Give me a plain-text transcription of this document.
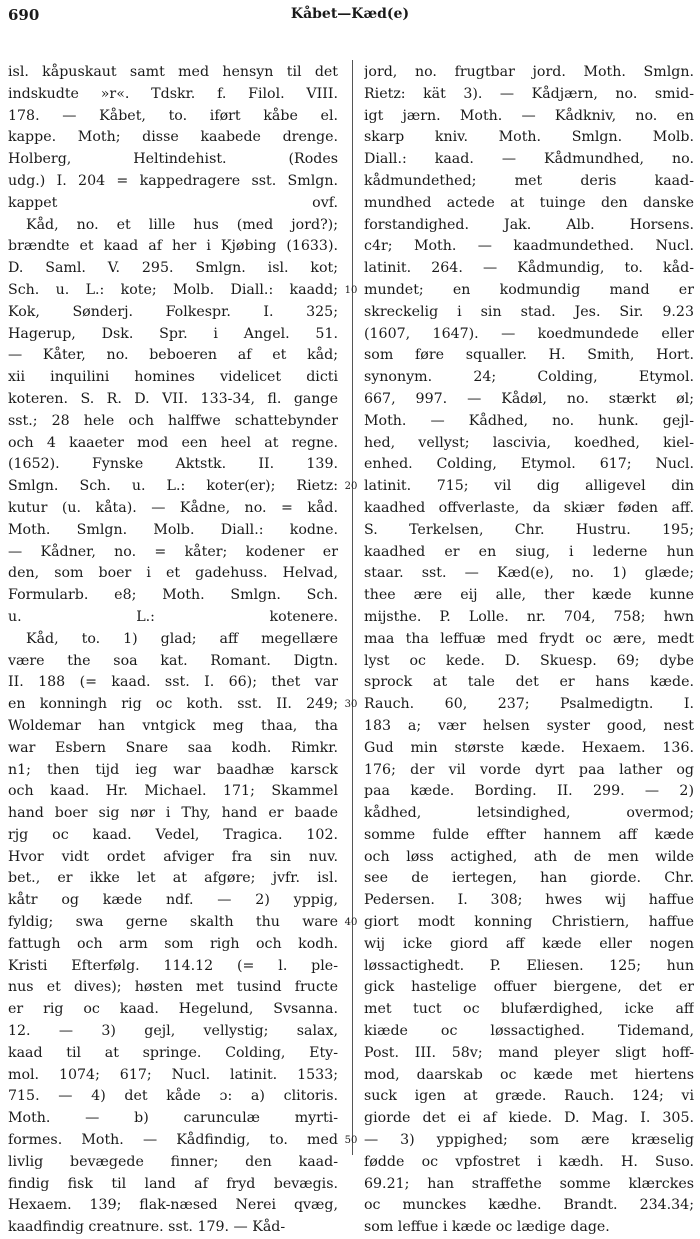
690	Kåbet—Kæd(e)
isl. kåpuskaut samt med hensyn til det
indskudte »r«. Tdskr. f. Filol. VIII.
178. — Kåbet, to. iført kåbe el.
kappe. Moth; disse kaabede drenge.
Holberg, Heltindehist. (Rodes
udg.) I. 204 = kappedragere sst. Smlgn.
kappet ovf.
Kåd, no. et lille hus (med jord?);
brændte et kaad af her i Kjøbing (1633).
D. Saml. V. 295. Smlgn. isl. kot;
Sch. u. L.: kote; Molb. Diall.: kaadd;
Kok, Sønderj. Folkespr. I. 325;
Hagerup, Dsk. Spr. i Angel. 51.
— Kåter, no. beboeren af et kåd;
xii inquilini homines videlicet dicti
koteren. S. R. D. VII. 133-34, fl. gange
sst.; 28 hele och halffwe schattebynder
och 4 kaaeter mod een heel at regne.
(1652). Fynske Aktstk. II. 139.
Smlgn. Sch. u. L.: koter(er); Rietz:
kutur (u. kåta). — Kådne, no. = kåd.
Moth. Smlgn. Molb. Diall.: kodne.
— Kådner, no. = kåter; kodener er
den, som boer i et gadehuss. Helvad,
Formularb. e8; Moth. Smlgn. Sch.
u. L.: kotenere.
Kåd, to. 1) glad; aff megellære
være the soa kat. Romant. Digtn.
II. 188 (= kaad. sst. I. 66); thet var
en konningh rig oc koth. sst. II. 249;
Woldemar han vntgick meg thaa, tha
war Esbern Snare saa kodh. Rimkr.
n1; then tijd ieg war baadhæ karsck
och kaad. Hr. Michael. 171; Skammel
hand boer sig nør i Thy, hand er baade
rjg oc kaad. Vedel, Tragica. 102.
Hvor vidt ordet afviger fra sin nuv.
bet., er ikke let at afgøre; jvfr. isl.
kåtr og kæde ndf. — 2) yppig,
fyldig; swa gerne skalth thu ware
fattugh och arm som righ och kodh.
Kristi Efterfølg. 114.12 (= l. ple-
nus et dives); høsten met tusind fructe
er rig oc kaad. Hegelund, Svsanna.
12. — 3) gejl, vellystig; salax,
kaad til at springe. Colding, Ety-
mol. 1074; 617; Nucl. latinit. 1533;
715. — 4) det kåde ɔ: a) clitoris.
Moth. — b) carunculæ myrti-
formes. Moth. — Kådfindig, to. med
livlig bevægede finner; den kaad-
findig fisk til land af fryd bevægis.
Hexaem. 139; flak-næsed Nerei qvæg,
kaadfindig creatnure. sst. 179. — Kåd-
jord, no. frugtbar jord. Moth. Smlgn.
Rietz: kät 3). — Kådjærn, no. smid-
igt jærn. Moth. — Kådkniv, no. en
skarp kniv. Moth. Smlgn. Molb.
Diall.: kaad. — Kådmundhed, no.
kådmundethed; met deris kaad-
mundhed actede at tuinge den danske
forstandighed. Jak. Alb. Horsens.
c4r; Moth. — kaadmundethed. Nucl.
latinit. 264. — Kådmundig, to. kåd-
mundet; en kodmundig mand er
skreckelig i sin stad. Jes. Sir. 9.23
(1607, 1647). — koedmundede eller
som føre squaller. H. Smith, Hort.
synonym. 24; Colding, Etymol.
667, 997. — Kådøl, no. stærkt øl;
Moth. — Kådhed, no. hunk. gejl-
hed, vellyst; lascivia, koedhed, kiel-
enhed. Colding, Etymol. 617; Nucl.
latinit. 715; vil dig alligevel din
kaadhed offverlaste, da skiær føden aff.
S. Terkelsen, Chr. Hustru. 195;
kaadhed er en siug, i lederne hun
staar. sst. — Kæd(e), no. 1) glæde;
thee ære eij alle, ther kæde kunne
mijsthe. P. Lolle. nr. 704, 758; hwn
maa tha leffuæ med frydt oc ære, medt
lyst oc kede. D. Skuesp. 69; dybe
sprock at tale det er hans kæde.
Rauch. 60, 237; Psalmedigtn. I.
183 a; vær helsen syster good, nest
Gud min største kæde. Hexaem. 136.
176; der vil vorde dyrt paa lather og
paa kæde. Bording. II. 299. — 2)
kådhed, letsindighed, overmod;
somme fulde effter hannem aff kæde
och løss actighed, ath de men wilde
see de iertegen, han giorde. Chr.
Pedersen. I. 308; hwes wij haffue
giort modt konning Christiern, haffue
wij icke giord aff kæde eller nogen
løssactighedt. P. Eliesen. 125; hun
gick hastelige offuer biergene, det er
met tuct oc blufærdighed, icke aff
kiæde oc løssactighed. Tidemand,
Post. III. 58v; mand pleyer sligt hoff-
mod, daarskab oc kæde met hiertens
suck igen at græde. Rauch. 124; vi
giorde det ei af kiede. D. Mag. I. 305.
— 3) yppighed; som ære kræselig
fødde oc vpfostret i kædh. H. Suso.
69.21; han straffethe somme klærckes
oc munckes kædhe. Brandt. 234.34;
som leffue i kæde oc lædige dage.
10
20
30
40
50
